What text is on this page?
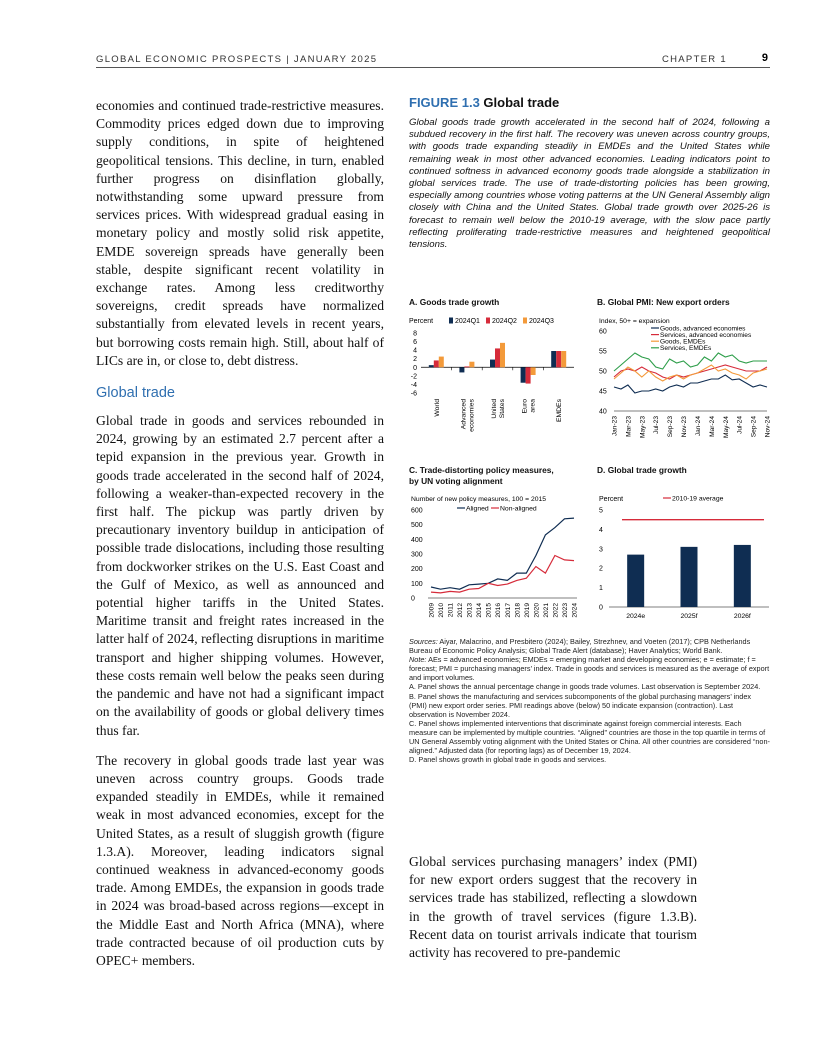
GLOBAL ECONOMIC PROSPECTS | JANUARY 2025	CHAPTER 1	9

economies and continued trade-restrictive measures. Commodity prices edged down due to improving supply conditions, in spite of heightened geopolitical tensions. This decline, in turn, enabled further progress on disinflation globally, notwithstanding some upward pressure from services prices. With widespread gradual easing in monetary policy and mostly solid risk appetite, EMDE sovereign spreads have generally been stable, despite significant recent volatility in exchange rates. Among less creditworthy sovereigns, credit spreads have normalized substantially from elevated levels in recent years, but borrowing costs remain high. Still, about half of LICs are in, or close to, debt distress.

Global trade

Global trade in goods and services rebounded in 2024, growing by an estimated 2.7 percent after a tepid expansion in the previous year. Growth in goods trade accelerated in the second half of 2024, following a weaker-than-expected recovery in the first half. The pickup was partly driven by precautionary inventory buildup in anticipation of possible trade dislocations, including those resulting from dockworker strikes on the U.S. East Coast and the Gulf of Mexico, as well as announced and potential higher tariffs in the United States. Maritime transit and freight rates increased in the latter half of 2024, reflecting disruptions in maritime transport and higher shipping volumes. However, these costs remain well below the peaks seen during the pandemic and have not had a significant impact on the availability of goods or global delivery times thus far.

The recovery in global goods trade last year was uneven across country groups. Goods trade expanded steadily in EMDEs, while it remained weak in most advanced economies, except for the United States, as a result of sluggish growth (figure 1.3.A). Moreover, leading indicators signal continued weakness in advanced-economy goods trade. Among EMDEs, the expansion in goods trade in 2024 was broad-based across regions—except in the Middle East and North Africa (MNA), where trade contracted because of oil production cuts by OPEC+ members.

FIGURE 1.3 Global trade
Global goods trade growth accelerated in the second half of 2024, following a subdued recovery in the first half. The recovery was uneven across country groups, with goods trade expanding steadily in EMDEs and the United States while remaining weak in most other advanced economies. Leading indicators point to continued softness in advanced economy goods trade alongside a stabilization in global services trade. The use of trade-distorting policies has been growing, especially among countries whose voting patterns at the UN General Assembly align closely with China and the United States. Global trade growth over 2025-26 is forecast to remain well below the 2010-19 average, with the slow pace partly reflecting proliferating trade-restrictive measures and heightened geopolitical tensions.
A. Goods trade growth	B. Global PMI: New export orders
C. Trade-distorting policy measures,
by UN voting alignment
D. Global trade growth
Percent	2024Q1 2024Q2 2024Q3
-6
-4
-2
0
2
4
6
8
World	Advanced economies United States Euro area	EMDEs
Index, 50+ = expansion
Goods, advanced economies
Services, advanced economies
Goods, EMDEs
Services, EMDEs
40
45
50
55
60
Jan-23 Mar-23 May-23 Jul-23 Sep-23 Nov-23 Jan-24 Mar-24 May-24 Jul-24 Sep-24 Nov-24
Number of new policy measures, 100 = 2015
Aligned Non-aligned
0
100
200
300
400
500
600
2009 2010 2011 2012 2013 2014 2015 2016 2017 2018 2019 2020 2021 2022 2023 2024
Percent	2010-19 average
0
1
2
3
4
5
2024e	2025f	2026f

Sources: Aiyar, Malacrino, and Presbitero (2024); Bailey, Strezhnev, and Voeten (2017); CPB Netherlands Bureau of Economic Policy Analysis; Global Trade Alert (database); Haver Analytics; World Bank.

Note: AEs = advanced economies; EMDEs = emerging market and developing economies; e = estimate; f = forecast; PMI = purchasing managers’ index. Trade in goods and services is measured as the average of export and import volumes.

A. Panel shows the annual percentage change in goods trade volumes. Last observation is September 2024.

B. Panel shows the manufacturing and services subcomponents of the global purchasing managers’ index (PMI) new export order series. PMI readings above (below) 50 indicate expansion (contraction). Last observation is November 2024.

C. Panel shows implemented interventions that discriminate against foreign commercial interests. Each measure can be implemented by multiple countries. “Aligned” countries are those in the top quartile in terms of UN General Assembly voting alignment with the United States or China. All other countries are considered “non-aligned.” Adjusted data (for reporting lags) as of December 19, 2024.

D. Panel shows growth in global trade in goods and services.

Global services purchasing managers’ index (PMI) for new export orders suggest that the recovery in services trade has stabilized, reflecting a slowdown in the growth of travel services (figure 1.3.B). Recent data on tourist arrivals indicate that tourism activity has recovered to pre-pandemic
